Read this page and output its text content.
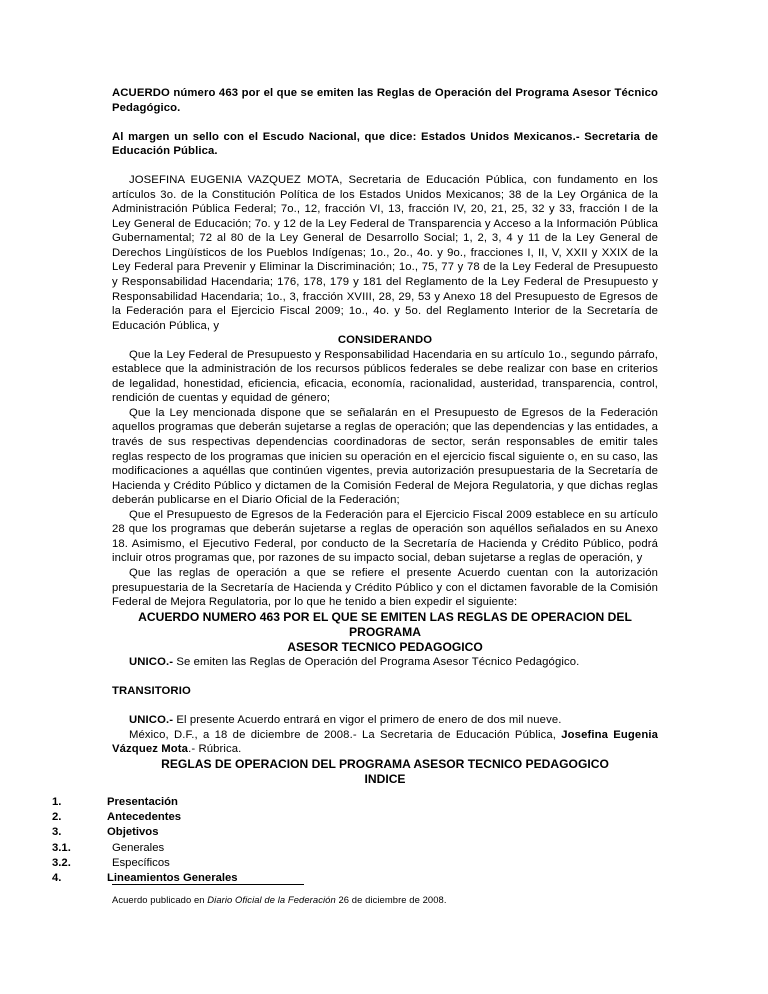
ACUERDO número 463 por el que se emiten las Reglas de Operación del Programa Asesor Técnico Pedagógico.

Al margen un sello con el Escudo Nacional, que dice: Estados Unidos Mexicanos.- Secretaria de Educación Pública.

JOSEFINA EUGENIA VAZQUEZ MOTA, Secretaria de Educación Pública, con fundamento en los artículos 3o. de la Constitución Política de los Estados Unidos Mexicanos; 38 de la Ley Orgánica de la Administración Pública Federal; 7o., 12, fracción VI, 13, fracción IV, 20, 21, 25, 32 y 33, fracción I de la Ley General de Educación; 7o. y 12 de la Ley Federal de Transparencia y Acceso a la Información Pública Gubernamental; 72 al 80 de la Ley General de Desarrollo Social; 1, 2, 3, 4 y 11 de la Ley General de Derechos Lingüísticos de los Pueblos Indígenas; 1o., 2o., 4o. y 9o., fracciones I, II, V, XXII y XXIX de la Ley Federal para Prevenir y Eliminar la Discriminación; 1o., 75, 77 y 78 de la Ley Federal de Presupuesto y Responsabilidad Hacendaria; 176, 178, 179 y 181 del Reglamento de la Ley Federal de Presupuesto y Responsabilidad Hacendaria; 1o., 3, fracción XVIII, 28, 29, 53 y Anexo 18 del Presupuesto de Egresos de la Federación para el Ejercicio Fiscal 2009; 1o., 4o. y 5o. del Reglamento Interior de la Secretaría de Educación Pública, y

CONSIDERANDO

Que la Ley Federal de Presupuesto y Responsabilidad Hacendaria en su artículo 1o., segundo párrafo, establece que la administración de los recursos públicos federales se debe realizar con base en criterios de legalidad, honestidad, eficiencia, eficacia, economía, racionalidad, austeridad, transparencia, control, rendición de cuentas y equidad de género;

Que la Ley mencionada dispone que se señalarán en el Presupuesto de Egresos de la Federación aquellos programas que deberán sujetarse a reglas de operación; que las dependencias y las entidades, a través de sus respectivas dependencias coordinadoras de sector, serán responsables de emitir tales reglas respecto de los programas que inicien su operación en el ejercicio fiscal siguiente o, en su caso, las modificaciones a aquéllas que continúen vigentes, previa autorización presupuestaria de la Secretaría de Hacienda y Crédito Público y dictamen de la Comisión Federal de Mejora Regulatoria, y que dichas reglas deberán publicarse en el Diario Oficial de la Federación;

Que el Presupuesto de Egresos de la Federación para el Ejercicio Fiscal 2009 establece en su artículo 28 que los programas que deberán sujetarse a reglas de operación son aquéllos señalados en su Anexo 18. Asimismo, el Ejecutivo Federal, por conducto de la Secretaría de Hacienda y Crédito Público, podrá incluir otros programas que, por razones de su impacto social, deban sujetarse a reglas de operación, y

Que las reglas de operación a que se refiere el presente Acuerdo cuentan con la autorización presupuestaria de la Secretaría de Hacienda y Crédito Público y con el dictamen favorable de la Comisión Federal de Mejora Regulatoria, por lo que he tenido a bien expedir el siguiente:

ACUERDO NUMERO 463 POR EL QUE SE EMITEN LAS REGLAS DE OPERACION DEL
PROGRAMA
ASESOR TECNICO PEDAGOGICO

UNICO.- Se emiten las Reglas de Operación del Programa Asesor Técnico Pedagógico.

TRANSITORIO

UNICO.- El presente Acuerdo entrará en vigor el primero de enero de dos mil nueve.

México, D.F., a 18 de diciembre de 2008.- La Secretaria de Educación Pública, Josefina Eugenia Vázquez Mota.- Rúbrica.

REGLAS DE OPERACION DEL PROGRAMA ASESOR TECNICO PEDAGOGICO
INDICE
1.	Presentación
2.	Antecedentes
3.	Objetivos
3.1.	Generales
3.2.	Específicos
4.	Lineamientos Generales

Acuerdo publicado en Diario Oficial de la Federación 26 de diciembre de 2008.
